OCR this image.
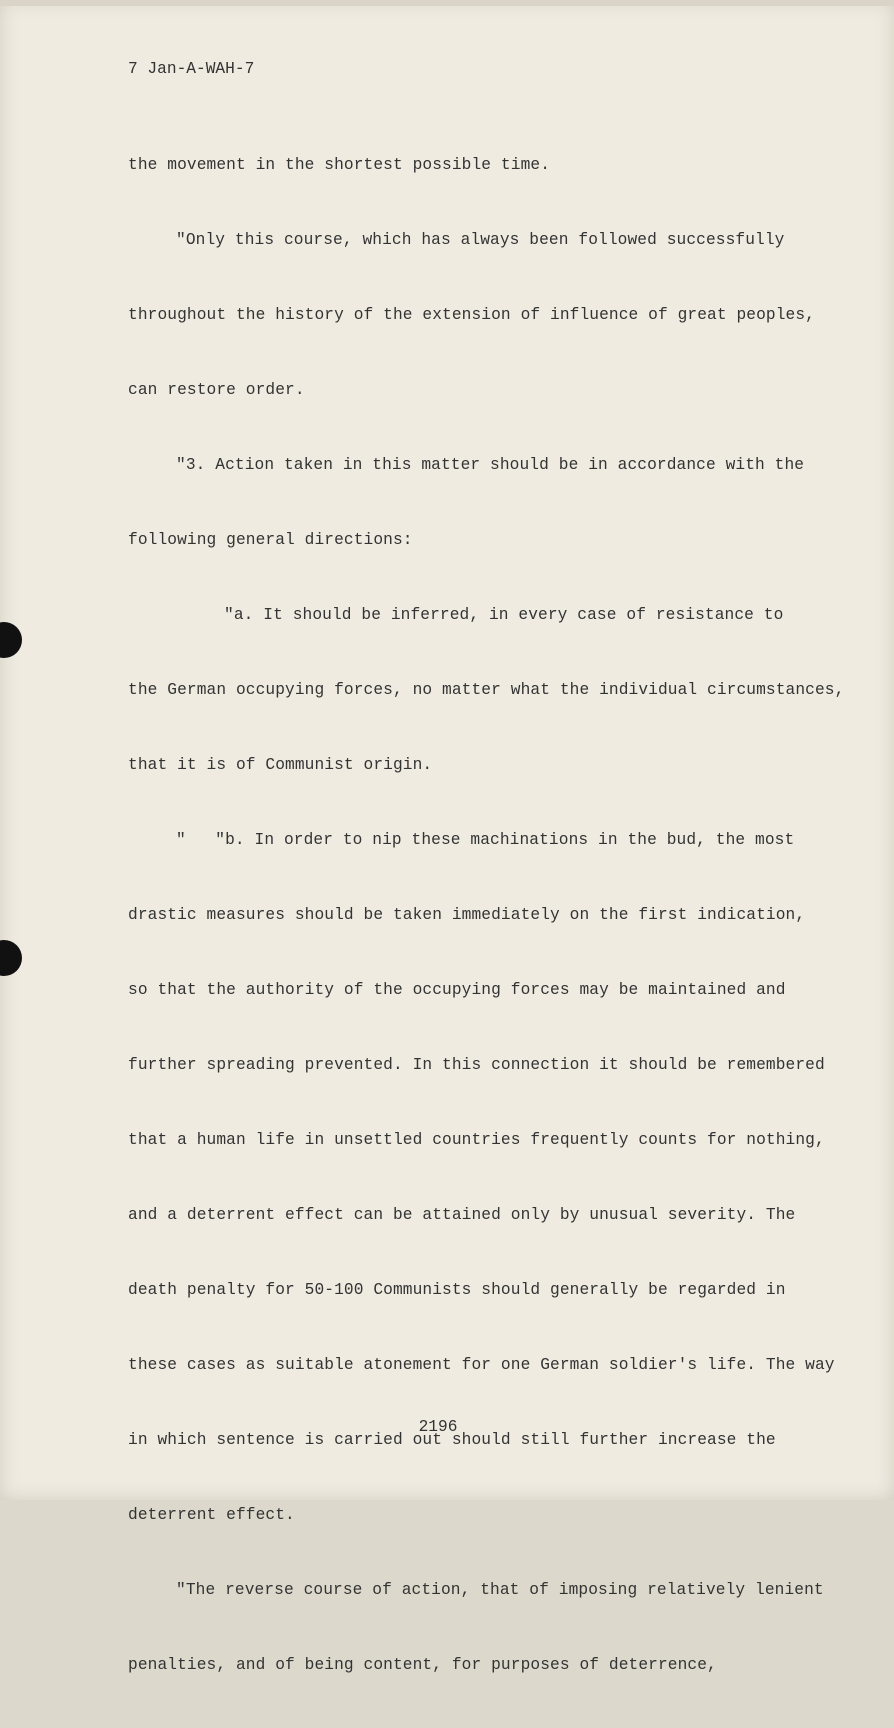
7 Jan-A-WAH-7

the movement in the shortest possible time.

"Only this course, which has always been followed successfully

throughout the history of the extension of influence of great peoples,

can restore order.

"3. Action taken in this matter should be in accordance with the

following general directions:

"a. It should be inferred, in every case of resistance to

the German occupying forces, no matter what the individual circumstances,

that it is of Communist origin.

"   "b. In order to nip these machinations in the bud, the most

drastic measures should be taken immediately on the first indication,

so that the authority of the occupying forces may be maintained and

further spreading prevented. In this connection it should be remembered

that a human life in unsettled countries frequently counts for nothing,

and a deterrent effect can be attained only by unusual severity. The

death penalty for 50-100 Communists should generally be regarded in

these cases as suitable atonement for one German soldier's life. The way

in which sentence is carried out should still further increase the

deterrent effect.

"The reverse course of action, that of imposing relatively lenient

penalties, and of being content, for purposes of deterrence,

2196
